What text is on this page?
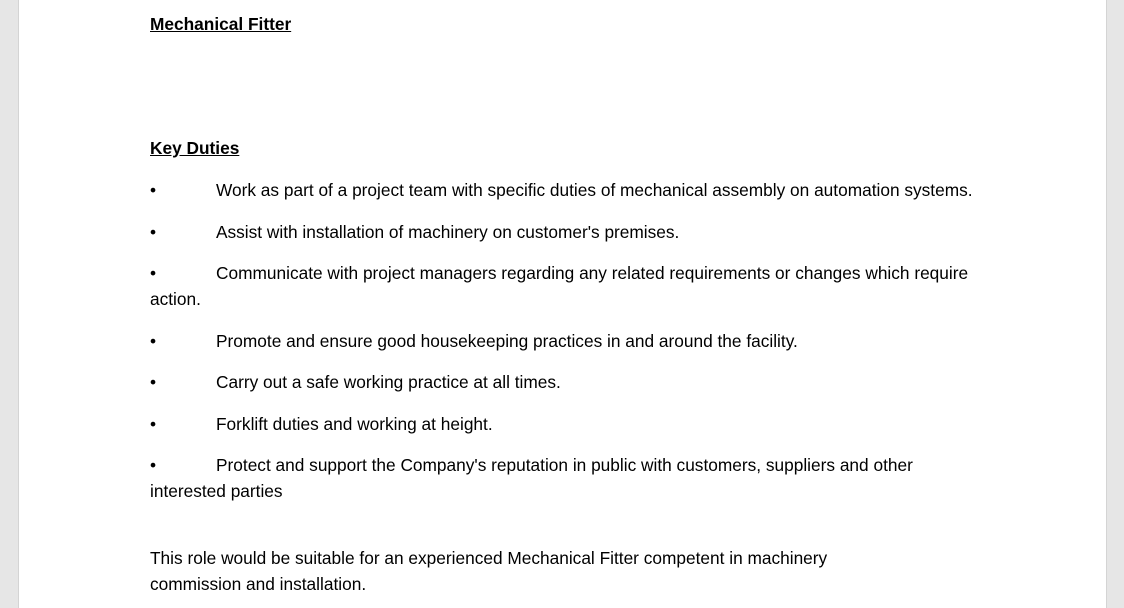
Mechanical Fitter

Key Duties

•	Work as part of a project team with specific duties of mechanical assembly on automation systems.
•	Assist with installation of machinery on customer's premises.
•	Communicate with project managers regarding any related requirements or changes which require action.
•	Promote and ensure good housekeeping practices in and around the facility.
•	Carry out a safe working practice at all times.
•	Forklift duties and working at height.
•	Protect and support the Company's reputation in public with customers, suppliers and other interested parties

This role would be suitable for an experienced Mechanical Fitter competent in machinery commission and installation.
